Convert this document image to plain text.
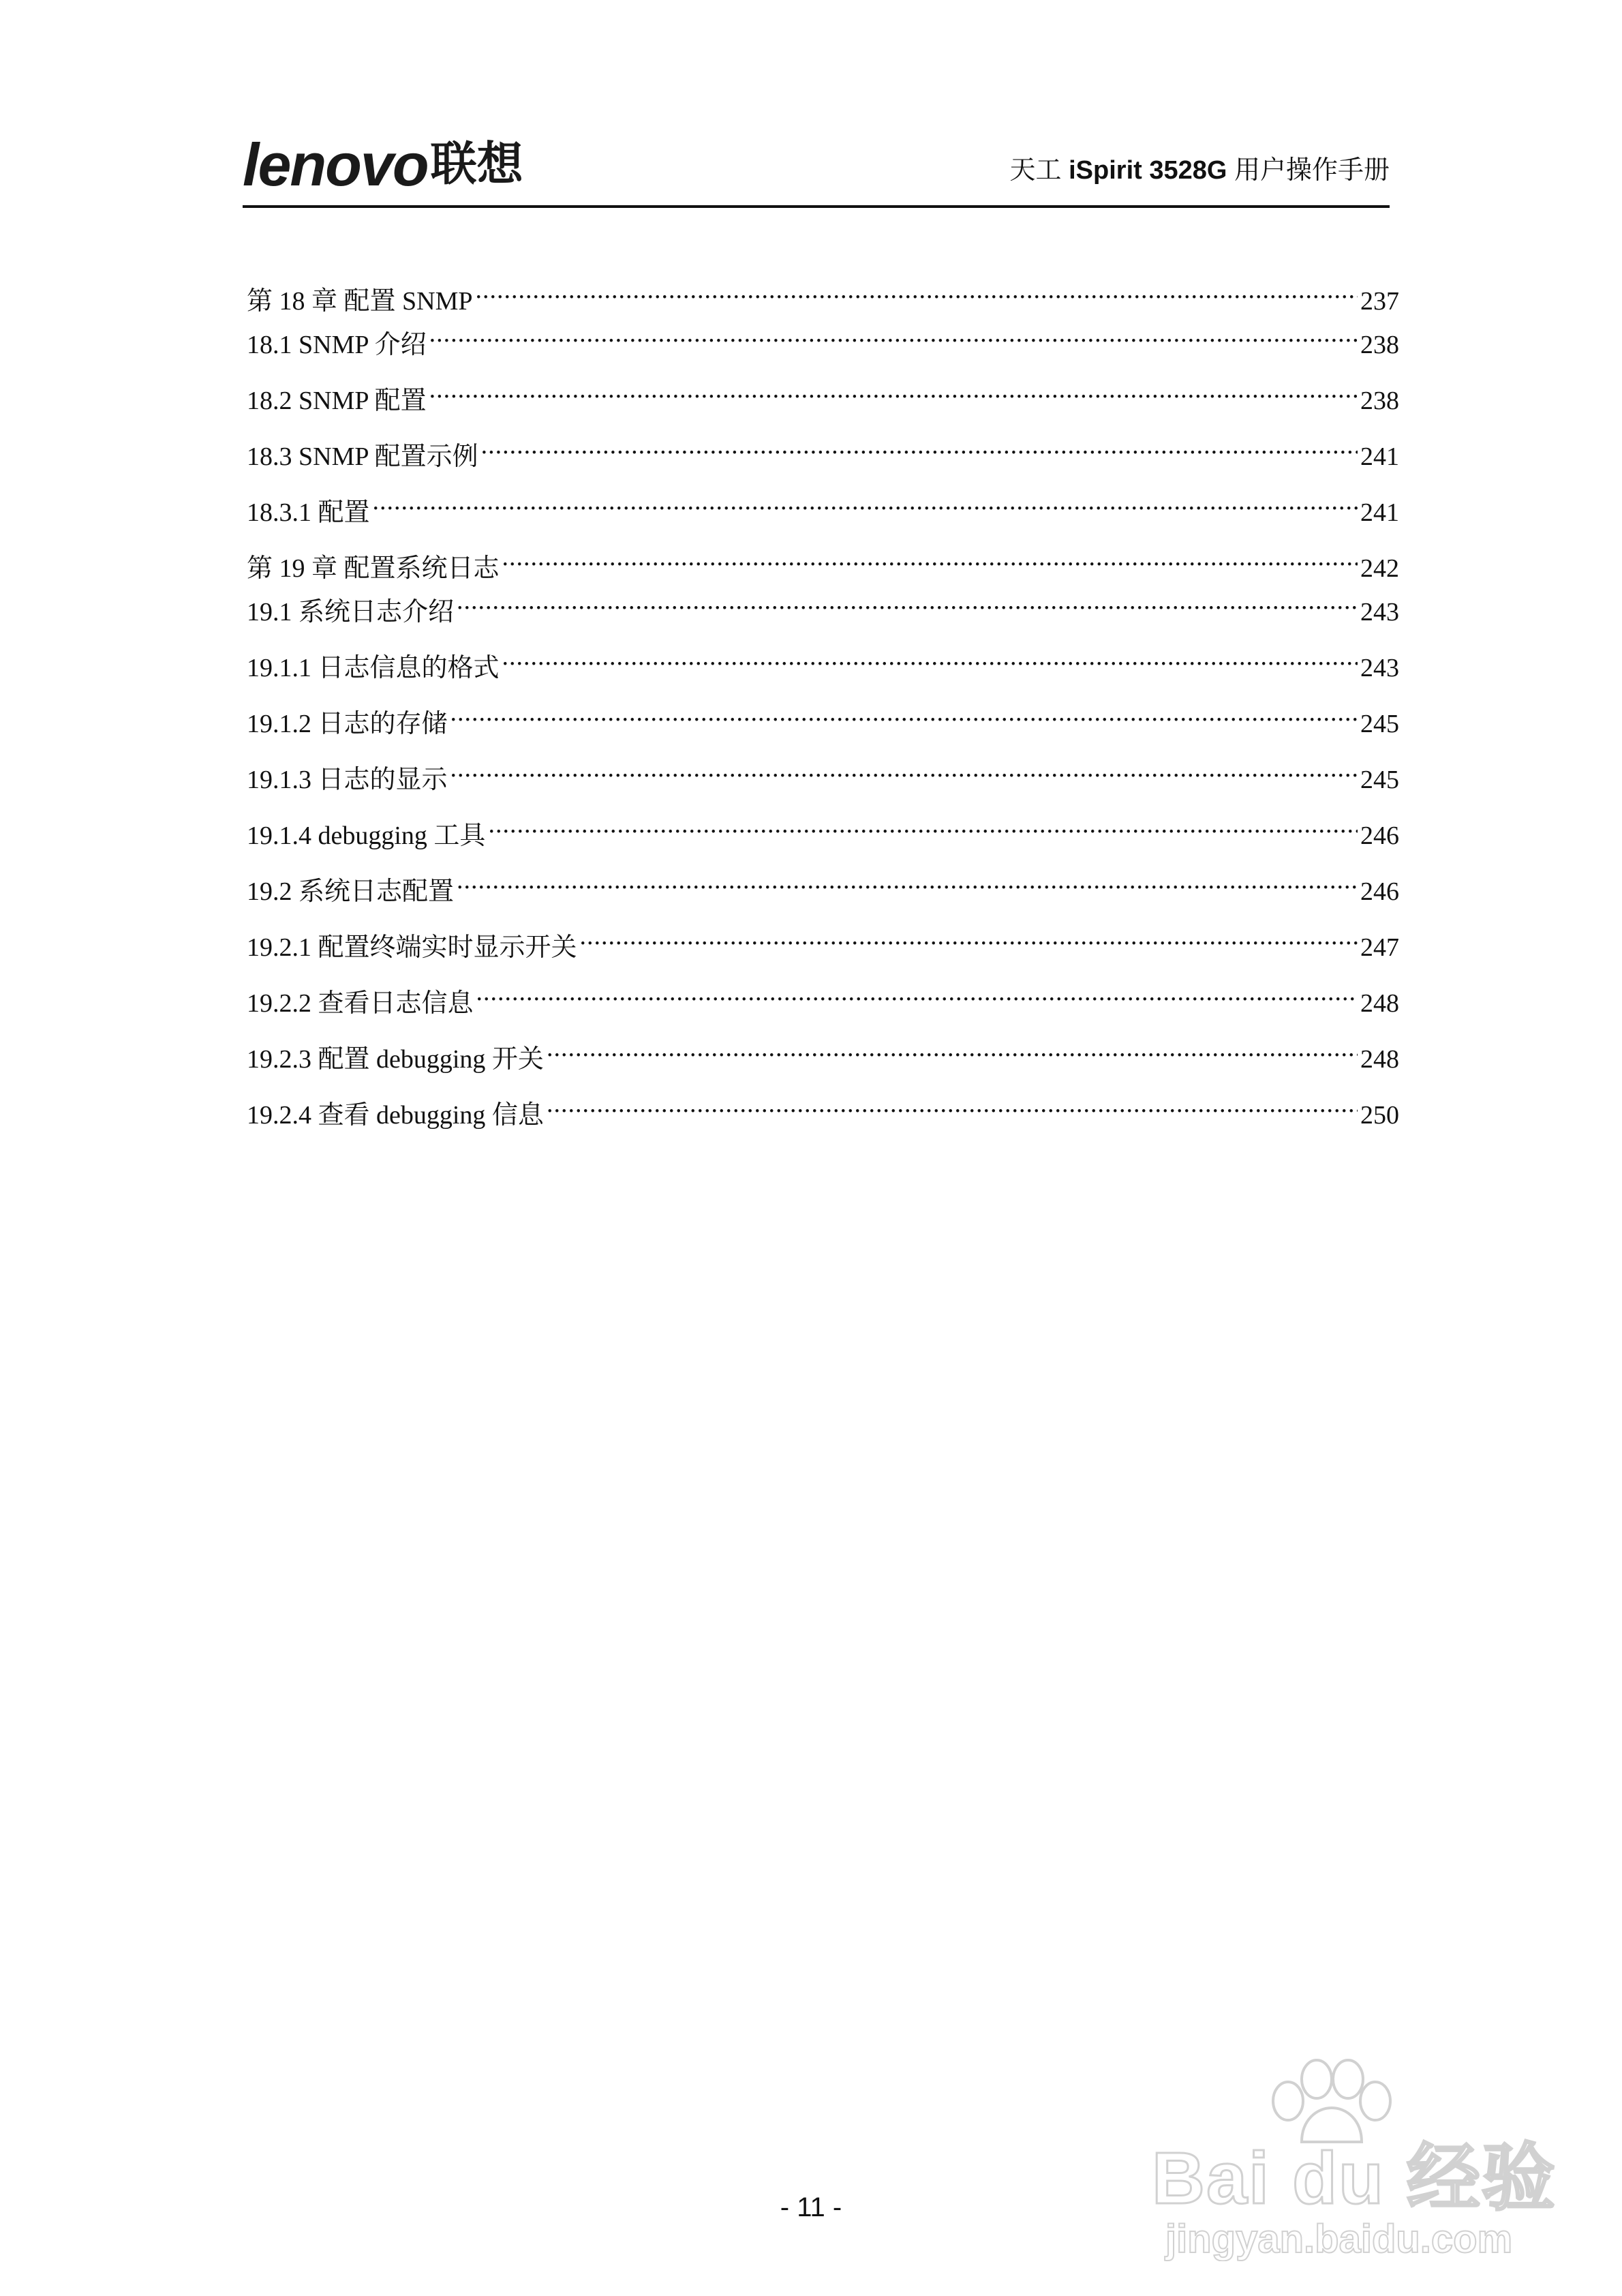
lenovo 联想	天工 iSpirit 3528G 用户操作手册
第 18 章 配置 SNMP .....	237
18.1 SNMP 介绍 .....	238
18.2 SNMP 配置 .....	238
18.3 SNMP 配置示例 .....	241
18.3.1 配置 .....	241
第 19 章 配置系统日志 .....	242
19.1 系统日志介绍 .....	243
19.1.1 日志信息的格式 .....	243
19.1.2 日志的存储 .....	245
19.1.3 日志的显示 .....	245
19.1.4 debugging 工具 .....	246
19.2 系统日志配置 .....	246
19.2.1 配置终端实时显示开关 .....	247
19.2.2 查看日志信息 .....	248
19.2.3 配置 debugging 开关 .....	248
19.2.4 查看 debugging 信息 .....	250
- 11 -	Bai du 经验
jingyan.baidu.com
